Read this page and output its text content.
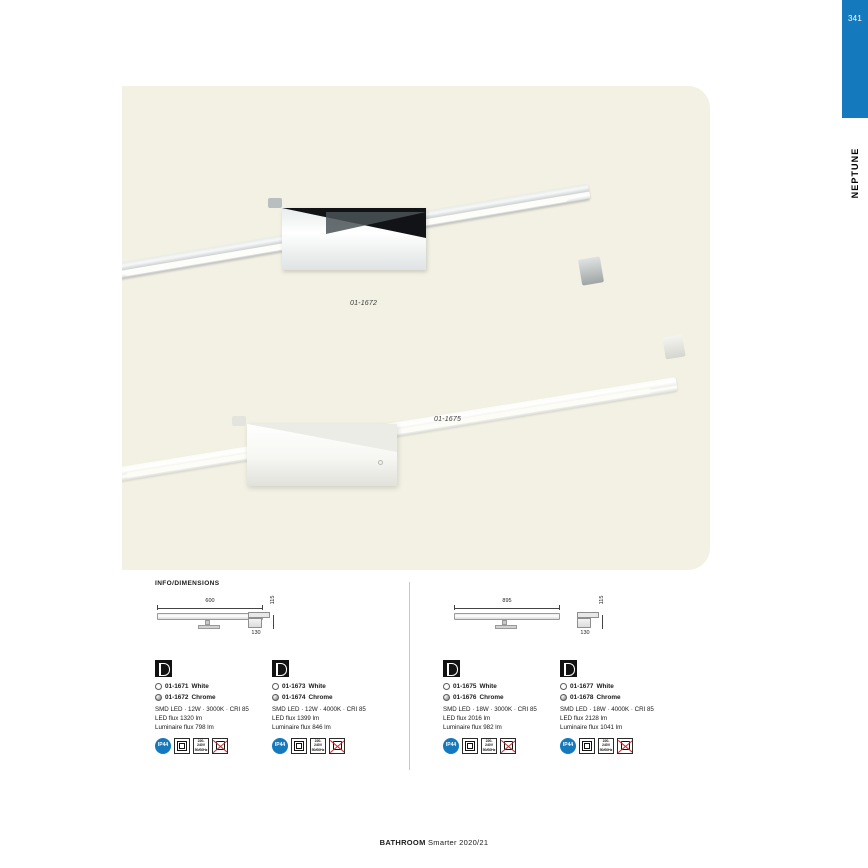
341
NEPTUNE
01-1672
01-1675
INFO/DIMENSIONS
600	115
130
895	115
130
01-1671 White
01-1672 Chrome
SMD LED · 12W · 3000K · CRI 85
LED flux 1320 lm
Luminaire flux 798 lm
IP44
220-240V 50/60Hz
01-1673 White
01-1674 Chrome
SMD LED · 12W · 4000K · CRI 85
LED flux 1399 lm
Luminaire flux 846 lm
IP44
220-240V 50/60Hz
01-1675 White
01-1676 Chrome
SMD LED · 18W · 3000K · CRI 85
LED flux 2016 lm
Luminaire flux 982 lm
IP44
220-240V 50/60Hz
01-1677 White
01-1678 Chrome
SMD LED · 18W · 4000K · CRI 85
LED flux 2128 lm
Luminaire flux 1041 lm
IP44
220-240V 50/60Hz
BATHROOM Smarter 2020/21
